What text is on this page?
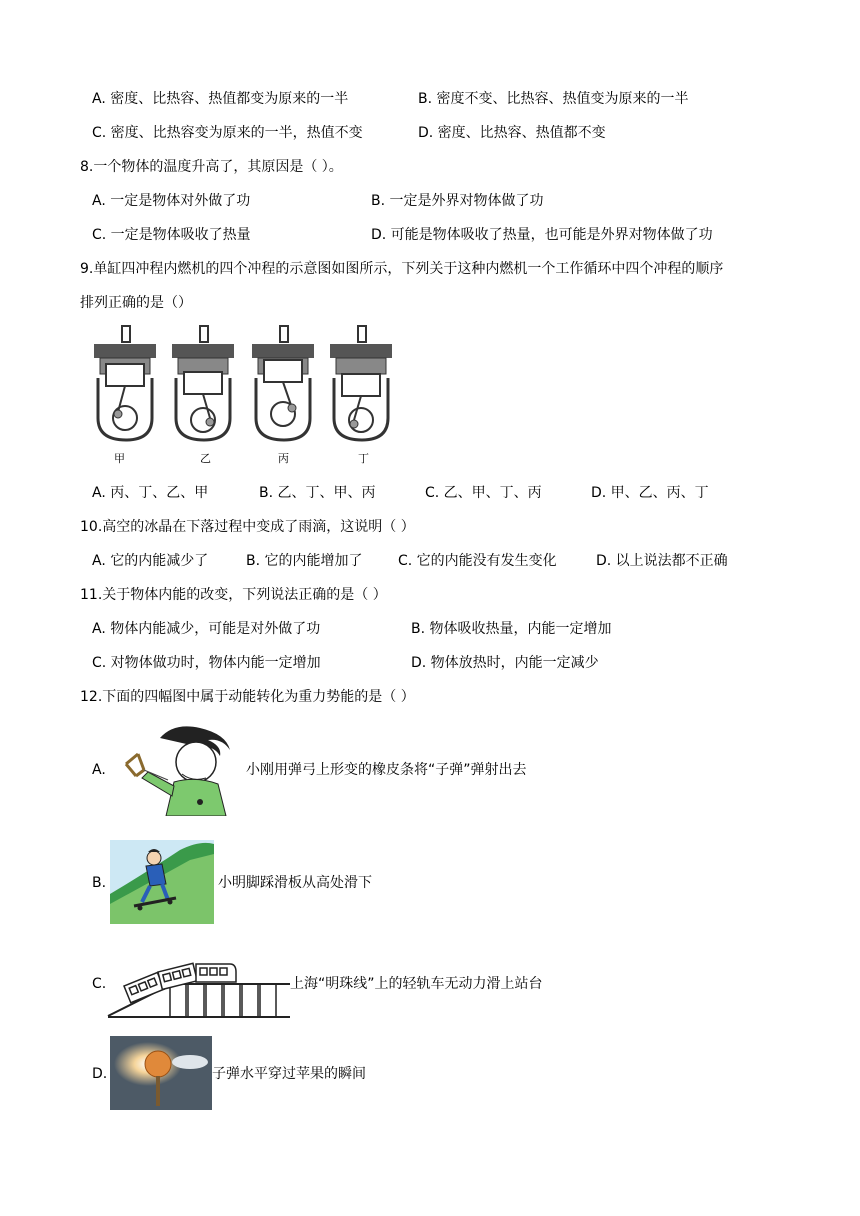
A. 密度、比热容、热值都变为原来的一半	B. 密度不变、比热容、热值变为原来的一半
C. 密度、比热容变为原来的一半，热值不变	D. 密度、比热容、热值都不变
8.一个物体的温度升高了，其原因是（ ）。
A. 一定是物体对外做了功	B. 一定是外界对物体做了功
C. 一定是物体吸收了热量	D. 可能是物体吸收了热量，也可能是外界对物体做了功
9.单缸四冲程内燃机的四个冲程的示意图如图所示，下列关于这种内燃机一个工作循环中四个冲程的顺序
排列正确的是（）
甲	乙	丙	丁
A. 丙、丁、乙、甲	B. 乙、丁、甲、丙	C. 乙、甲、丁、丙	D. 甲、乙、丙、丁
10.高空的冰晶在下落过程中变成了雨滴，这说明（ ）
A. 它的内能减少了	B. 它的内能增加了	C. 它的内能没有发生变化	D. 以上说法都不正确
11.关于物体内能的改变，下列说法正确的是（ ）
A. 物体内能减少，可能是对外做了功	B. 物体吸收热量，内能一定增加
C. 对物体做功时，物体内能一定增加	D. 物体放热时，内能一定减少
12.下面的四幅图中属于动能转化为重力势能的是（ ）
A.	小刚用弹弓上形变的橡皮条将“子弹”弹射出去
B.	小明脚踩滑板从高处滑下
C.	上海“明珠线”上的轻轨车无动力滑上站台
D.	子弹水平穿过苹果的瞬间
